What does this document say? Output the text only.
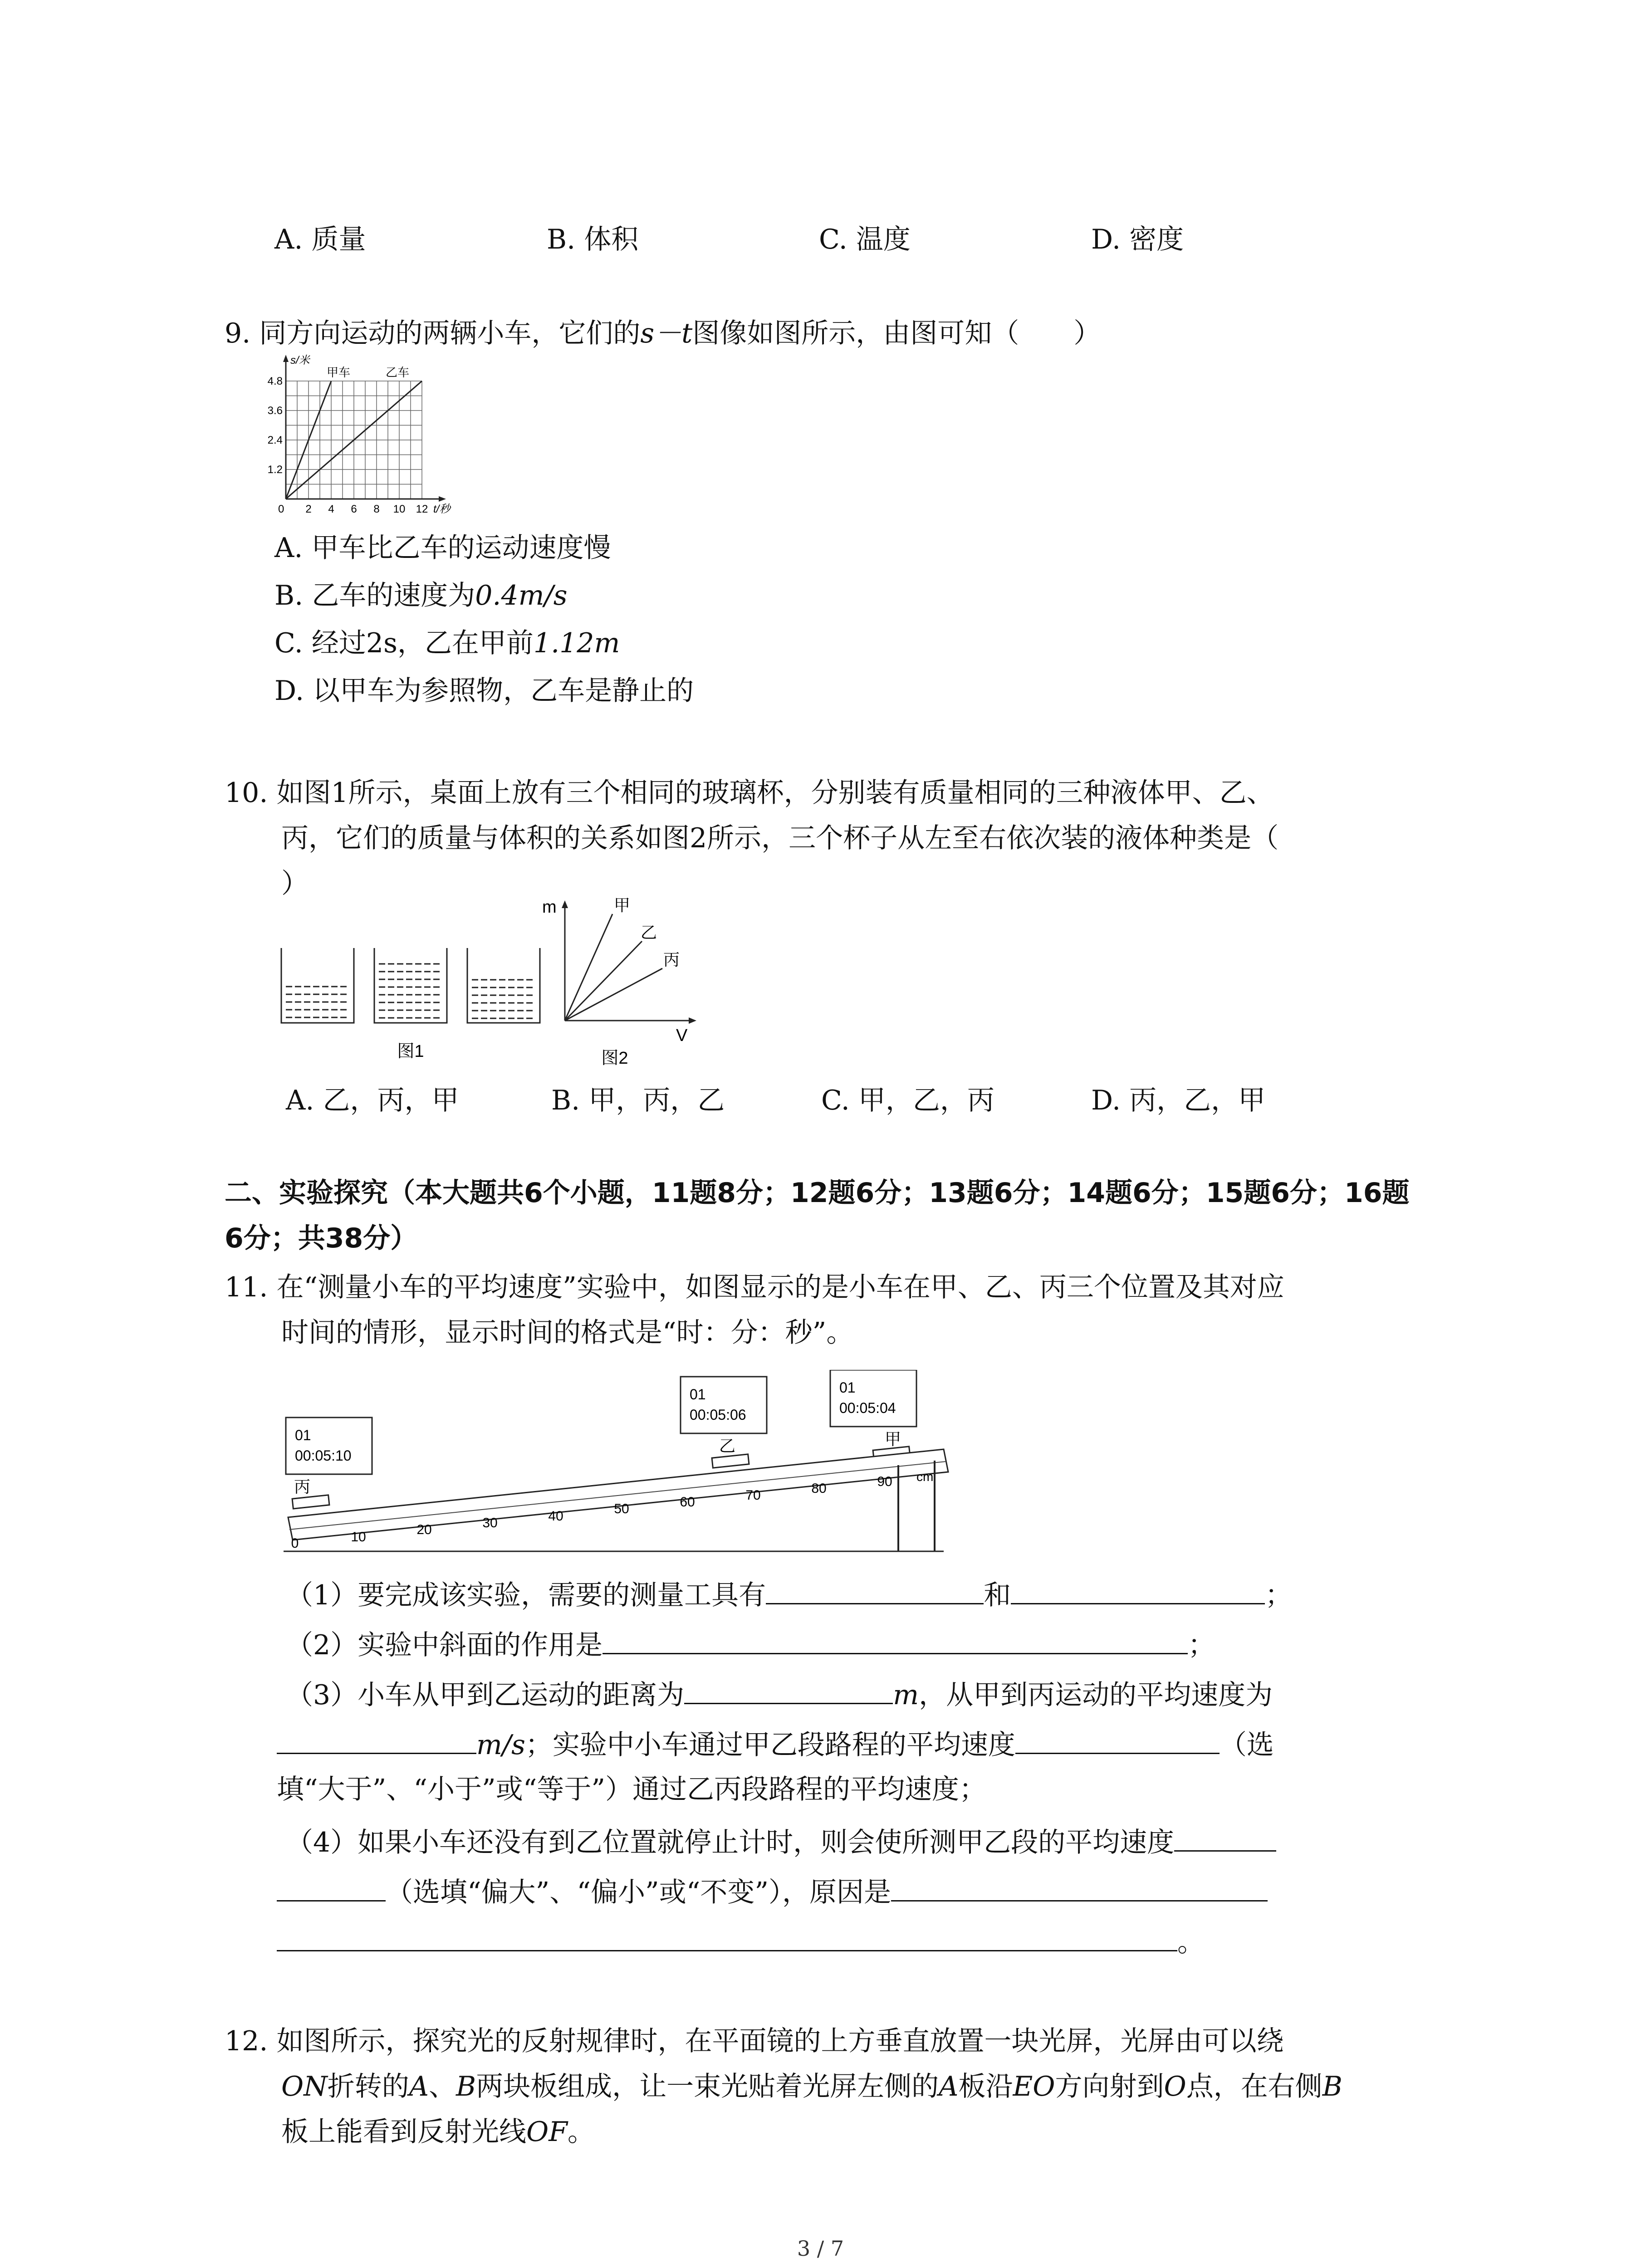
A. 质量	B. 体积	C. 温度	D. 密度
9. 同方向运动的两辆小车，它们的s－t图像如图所示，由图可知（　　）
s/米
甲车	乙车
4.8
3.6
2.4
1.2
0 2 4 6 8 10 12 t/秒
A. 甲车比乙车的运动速度慢
B. 乙车的速度为0.4m/s
C. 经过2s，乙在甲前1.12m
D. 以甲车为参照物，乙车是静止的
10. 如图1所示，桌面上放有三个相同的玻璃杯，分别装有质量相同的三种液体甲、乙、
丙，它们的质量与体积的关系如图2所示，三个杯子从左至右依次装的液体种类是（
）
图1
m
V
甲
乙
丙
图2
A. 乙，丙，甲	B. 甲，丙，乙	C. 甲，乙，丙	D. 丙，乙，甲
二、实验探究（本大题共6个小题，11题8分；12题6分；13题6分；14题6分；15题6分；16题
6分；共38分）
11. 在“测量小车的平均速度”实验中，如图显示的是小车在甲、乙、丙三个位置及其对应
时间的情形，显示时间的格式是“时：分：秒”。
01
00:05:10
01
00:05:06
01
00:05:04
丙
乙	甲
0	10	20	30	40	50	60	70	80	90 cm
（1）要完成该实验，需要的测量工具有	和	；
（2）实验中斜面的作用是	；
（3）小车从甲到乙运动的距离为	m，从甲到丙运动的平均速度为
m/s；实验中小车通过甲乙段路程的平均速度	（选
填“大于”、“小于”或“等于”）通过乙丙段路程的平均速度；
（4）如果小车还没有到乙位置就停止计时，则会使所测甲乙段的平均速度
（选填“偏大”、“偏小”或“不变”），原因是
。
12. 如图所示，探究光的反射规律时，在平面镜的上方垂直放置一块光屏，光屏由可以绕
ON折转的A、B两块板组成，让一束光贴着光屏左侧的A板沿EO方向射到O点，在右侧B
板上能看到反射光线OF。
3 / 7
